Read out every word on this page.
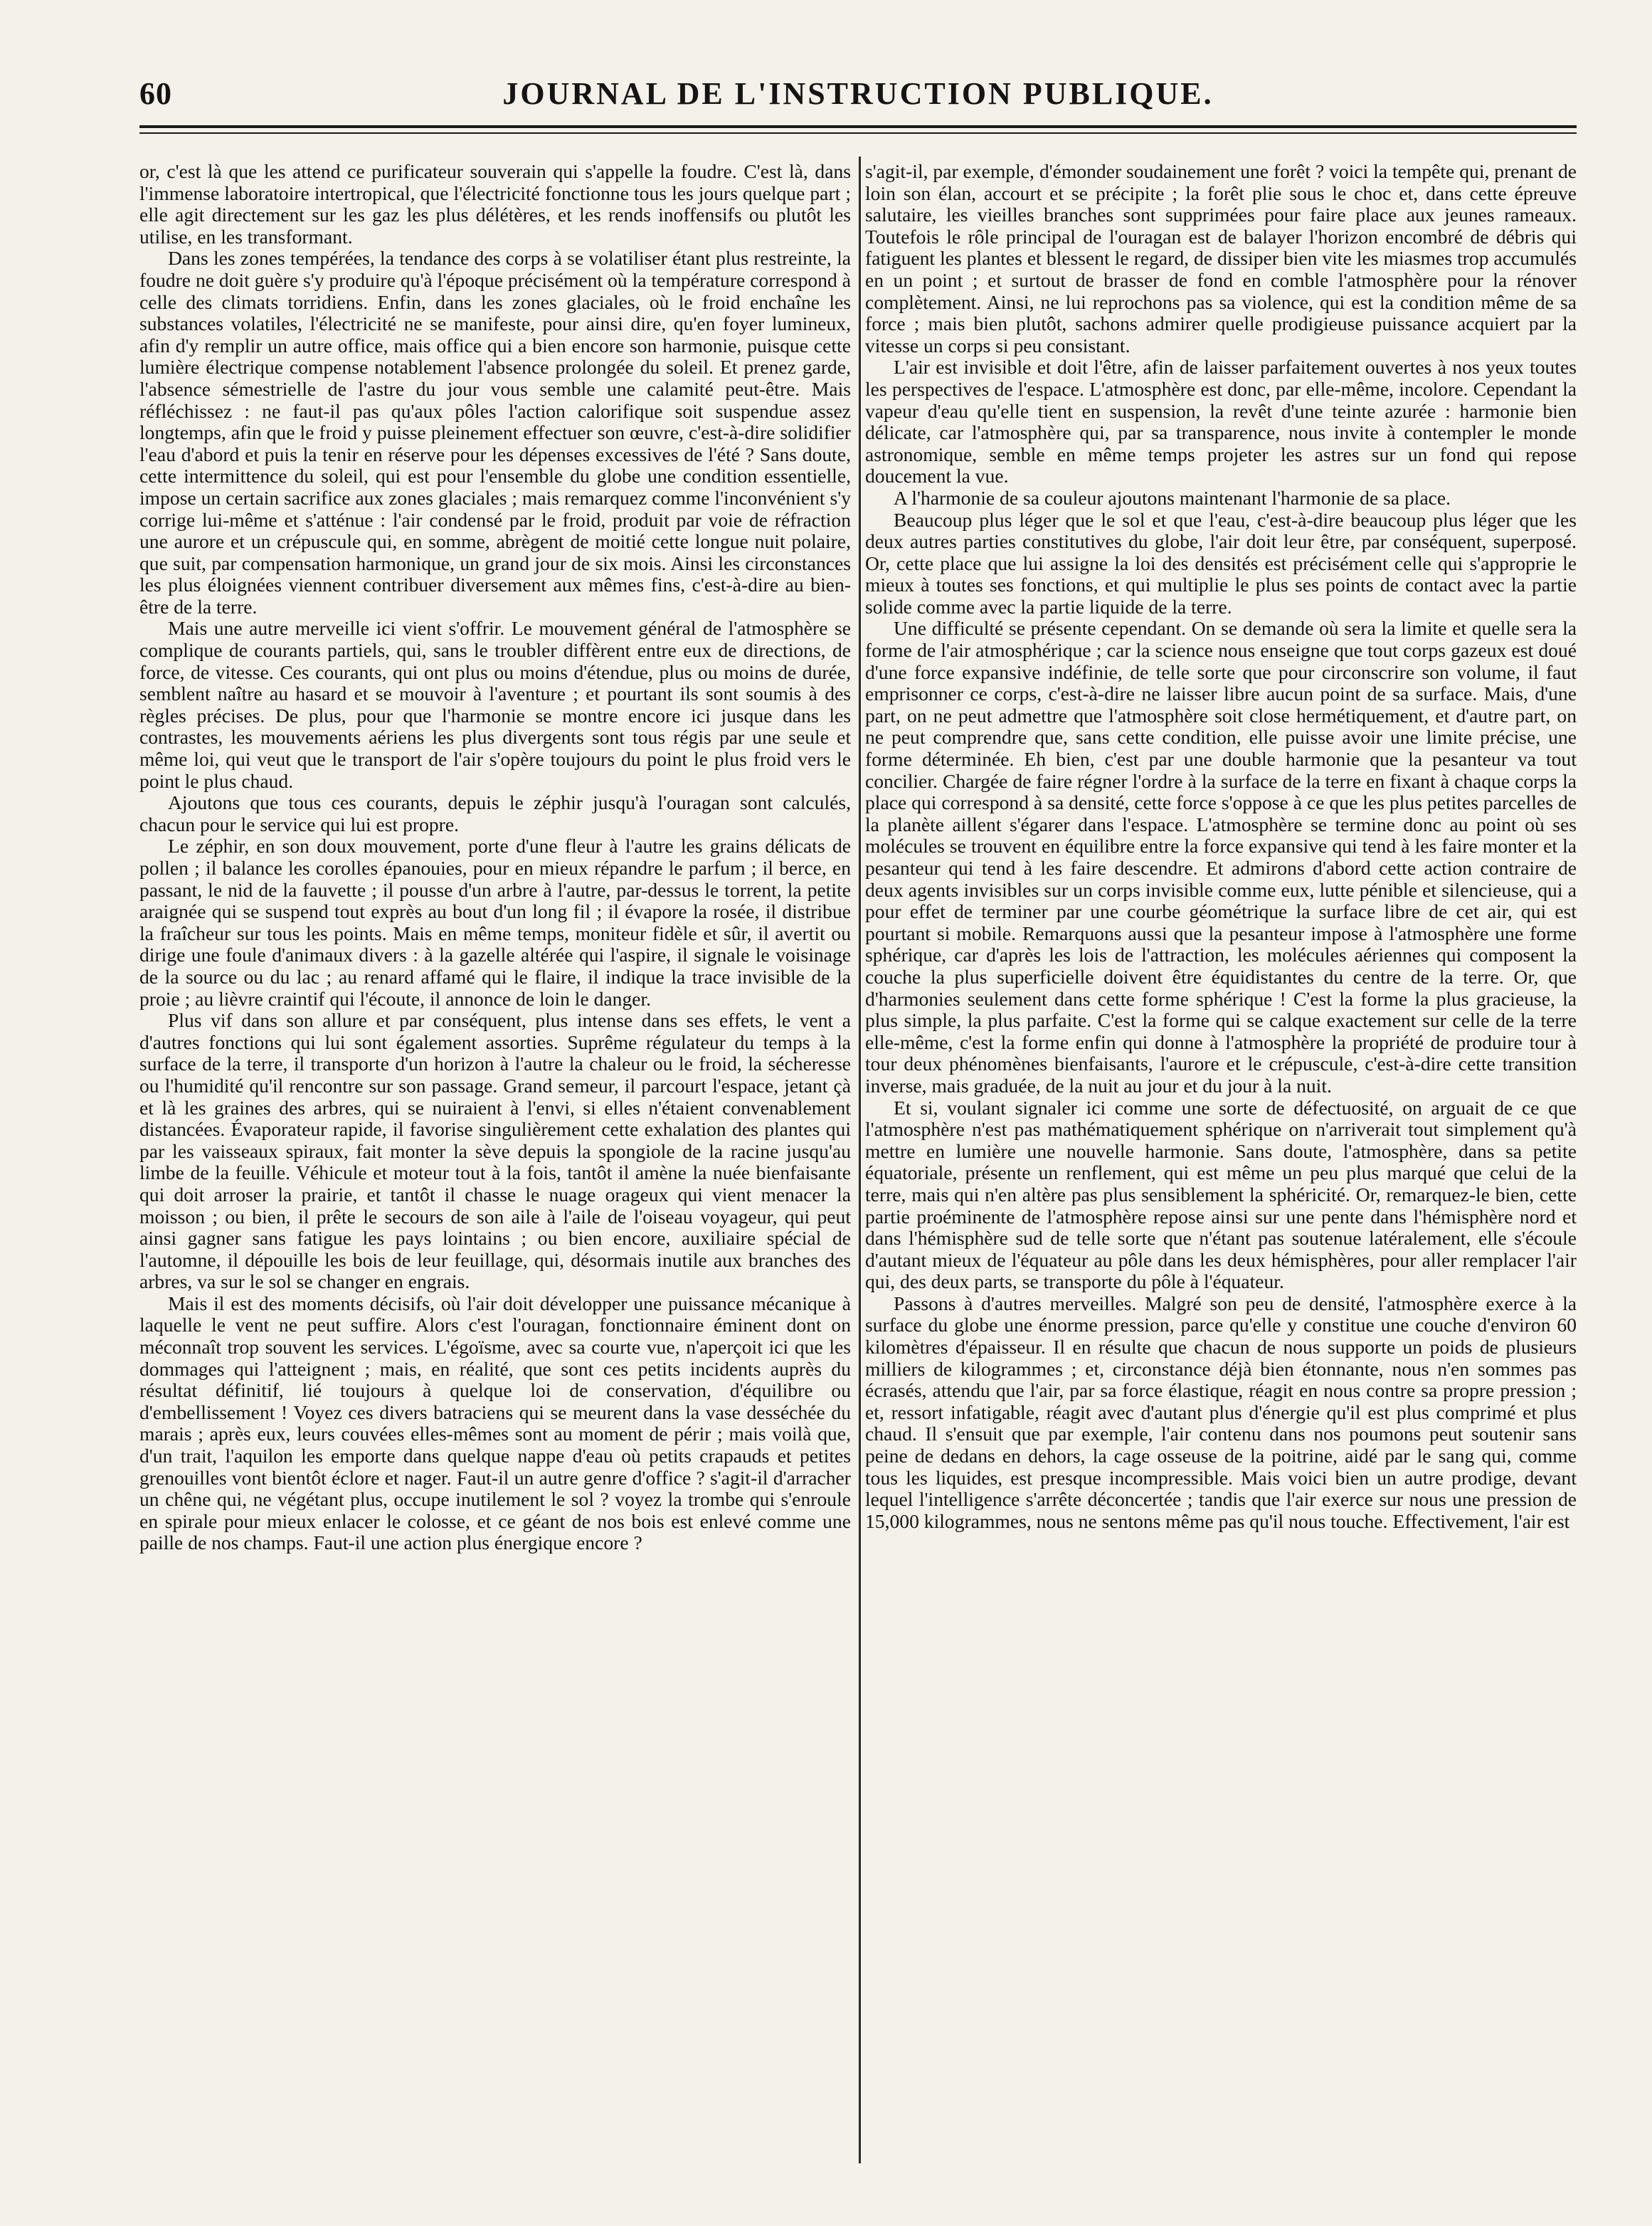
60	JOURNAL DE L'INSTRUCTION PUBLIQUE.

or, c'est là que les attend ce purificateur souverain qui s'appelle la foudre. C'est là, dans l'immense laboratoire intertropical, que l'électricité fonctionne tous les jours quelque part ; elle agit directement sur les gaz les plus délétères, et les rends inoffensifs ou plutôt les utilise, en les transformant.

Dans les zones tempérées, la tendance des corps à se volatiliser étant plus restreinte, la foudre ne doit guère s'y produire qu'à l'époque précisément où la température correspond à celle des climats torridiens. Enfin, dans les zones glaciales, où le froid enchaîne les substances volatiles, l'électricité ne se manifeste, pour ainsi dire, qu'en foyer lumineux, afin d'y remplir un autre office, mais office qui a bien encore son harmonie, puisque cette lumière électrique compense notablement l'absence prolongée du soleil. Et prenez garde, l'absence sémestrielle de l'astre du jour vous semble une calamité peut-être. Mais réfléchissez : ne faut-il pas qu'aux pôles l'action calorifique soit suspendue assez longtemps, afin que le froid y puisse pleinement effectuer son œuvre, c'est-à-dire solidifier l'eau d'abord et puis la tenir en réserve pour les dépenses excessives de l'été ? Sans doute, cette intermittence du soleil, qui est pour l'ensemble du globe une condition essentielle, impose un certain sacrifice aux zones glaciales ; mais remarquez comme l'inconvénient s'y corrige lui-même et s'atténue : l'air condensé par le froid, produit par voie de réfraction une aurore et un crépuscule qui, en somme, abrègent de moitié cette longue nuit polaire, que suit, par compensation harmonique, un grand jour de six mois. Ainsi les circonstances les plus éloignées viennent contribuer diversement aux mêmes fins, c'est-à-dire au bien-être de la terre.

Mais une autre merveille ici vient s'offrir. Le mouvement général de l'atmosphère se complique de courants partiels, qui, sans le troubler diffèrent entre eux de directions, de force, de vitesse. Ces courants, qui ont plus ou moins d'étendue, plus ou moins de durée, semblent naître au hasard et se mouvoir à l'aventure ; et pourtant ils sont soumis à des règles précises. De plus, pour que l'harmonie se montre encore ici jusque dans les contrastes, les mouvements aériens les plus divergents sont tous régis par une seule et même loi, qui veut que le transport de l'air s'opère toujours du point le plus froid vers le point le plus chaud.

Ajoutons que tous ces courants, depuis le zéphir jusqu'à l'ouragan sont calculés, chacun pour le service qui lui est propre.

Le zéphir, en son doux mouvement, porte d'une fleur à l'autre les grains délicats de pollen ; il balance les corolles épanouies, pour en mieux répandre le parfum ; il berce, en passant, le nid de la fauvette ; il pousse d'un arbre à l'autre, par-dessus le torrent, la petite araignée qui se suspend tout exprès au bout d'un long fil ; il évapore la rosée, il distribue la fraîcheur sur tous les points. Mais en même temps, moniteur fidèle et sûr, il avertit ou dirige une foule d'animaux divers : à la gazelle altérée qui l'aspire, il signale le voisinage de la source ou du lac ; au renard affamé qui le flaire, il indique la trace invisible de la proie ; au lièvre craintif qui l'écoute, il annonce de loin le danger.

Plus vif dans son allure et par conséquent, plus intense dans ses effets, le vent a d'autres fonctions qui lui sont également assorties. Suprême régulateur du temps à la surface de la terre, il transporte d'un horizon à l'autre la chaleur ou le froid, la sécheresse ou l'humidité qu'il rencontre sur son passage. Grand semeur, il parcourt l'espace, jetant çà et là les graines des arbres, qui se nuiraient à l'envi, si elles n'étaient convenablement distancées. Évaporateur rapide, il favorise singulièrement cette exhalation des plantes qui par les vaisseaux spiraux, fait monter la sève depuis la spongiole de la racine jusqu'au limbe de la feuille. Véhicule et moteur tout à la fois, tantôt il amène la nuée bienfaisante qui doit arroser la prairie, et tantôt il chasse le nuage orageux qui vient menacer la moisson ; ou bien, il prête le secours de son aile à l'aile de l'oiseau voyageur, qui peut ainsi gagner sans fatigue les pays lointains ; ou bien encore, auxiliaire spécial de l'automne, il dépouille les bois de leur feuillage, qui, désormais inutile aux branches des arbres, va sur le sol se changer en engrais.

Mais il est des moments décisifs, où l'air doit développer une puissance mécanique à laquelle le vent ne peut suffire. Alors c'est l'ouragan, fonctionnaire éminent dont on méconnaît trop souvent les services. L'égoïsme, avec sa courte vue, n'aperçoit ici que les dommages qui l'atteignent ; mais, en réalité, que sont ces petits incidents auprès du résultat définitif, lié toujours à quelque loi de conservation, d'équilibre ou d'embellissement ! Voyez ces divers batraciens qui se meurent dans la vase desséchée du marais ; après eux, leurs couvées elles-mêmes sont au moment de périr ; mais voilà que, d'un trait, l'aquilon les emporte dans quelque nappe d'eau où petits crapauds et petites grenouilles vont bientôt éclore et nager. Faut-il un autre genre d'office ? s'agit-il d'arracher un chêne qui, ne végétant plus, occupe inutilement le sol ? voyez la trombe qui s'enroule en spirale pour mieux enlacer le colosse, et ce géant de nos bois est enlevé comme une paille de nos champs. Faut-il une action plus énergique encore ?

s'agit-il, par exemple, d'émonder soudainement une forêt ? voici la tempête qui, prenant de loin son élan, accourt et se précipite ; la forêt plie sous le choc et, dans cette épreuve salutaire, les vieilles branches sont supprimées pour faire place aux jeunes rameaux. Toutefois le rôle principal de l'ouragan est de balayer l'horizon encombré de débris qui fatiguent les plantes et blessent le regard, de dissiper bien vite les miasmes trop accumulés en un point ; et surtout de brasser de fond en comble l'atmosphère pour la rénover complètement. Ainsi, ne lui reprochons pas sa violence, qui est la condition même de sa force ; mais bien plutôt, sachons admirer quelle prodigieuse puissance acquiert par la vitesse un corps si peu consistant.

L'air est invisible et doit l'être, afin de laisser parfaitement ouvertes à nos yeux toutes les perspectives de l'espace. L'atmosphère est donc, par elle-même, incolore. Cependant la vapeur d'eau qu'elle tient en suspension, la revêt d'une teinte azurée : harmonie bien délicate, car l'atmosphère qui, par sa transparence, nous invite à contempler le monde astronomique, semble en même temps projeter les astres sur un fond qui repose doucement la vue.

A l'harmonie de sa couleur ajoutons maintenant l'harmonie de sa place.

Beaucoup plus léger que le sol et que l'eau, c'est-à-dire beaucoup plus léger que les deux autres parties constitutives du globe, l'air doit leur être, par conséquent, superposé. Or, cette place que lui assigne la loi des densités est précisément celle qui s'approprie le mieux à toutes ses fonctions, et qui multiplie le plus ses points de contact avec la partie solide comme avec la partie liquide de la terre.

Une difficulté se présente cependant. On se demande où sera la limite et quelle sera la forme de l'air atmosphérique ; car la science nous enseigne que tout corps gazeux est doué d'une force expansive indéfinie, de telle sorte que pour circonscrire son volume, il faut emprisonner ce corps, c'est-à-dire ne laisser libre aucun point de sa surface. Mais, d'une part, on ne peut admettre que l'atmosphère soit close hermétiquement, et d'autre part, on ne peut comprendre que, sans cette condition, elle puisse avoir une limite précise, une forme déterminée. Eh bien, c'est par une double harmonie que la pesanteur va tout concilier. Chargée de faire régner l'ordre à la surface de la terre en fixant à chaque corps la place qui correspond à sa densité, cette force s'oppose à ce que les plus petites parcelles de la planète aillent s'égarer dans l'espace. L'atmosphère se termine donc au point où ses molécules se trouvent en équilibre entre la force expansive qui tend à les faire monter et la pesanteur qui tend à les faire descendre. Et admirons d'abord cette action contraire de deux agents invisibles sur un corps invisible comme eux, lutte pénible et silencieuse, qui a pour effet de terminer par une courbe géométrique la surface libre de cet air, qui est pourtant si mobile. Remarquons aussi que la pesanteur impose à l'atmosphère une forme sphérique, car d'après les lois de l'attraction, les molécules aériennes qui composent la couche la plus superficielle doivent être équidistantes du centre de la terre. Or, que d'harmonies seulement dans cette forme sphérique ! C'est la forme la plus gracieuse, la plus simple, la plus parfaite. C'est la forme qui se calque exactement sur celle de la terre elle-même, c'est la forme enfin qui donne à l'atmosphère la propriété de produire tour à tour deux phénomènes bienfaisants, l'aurore et le crépuscule, c'est-à-dire cette transition inverse, mais graduée, de la nuit au jour et du jour à la nuit.

Et si, voulant signaler ici comme une sorte de défectuosité, on arguait de ce que l'atmosphère n'est pas mathématiquement sphérique on n'arriverait tout simplement qu'à mettre en lumière une nouvelle harmonie. Sans doute, l'atmosphère, dans sa petite équatoriale, présente un renflement, qui est même un peu plus marqué que celui de la terre, mais qui n'en altère pas plus sensiblement la sphéricité. Or, remarquez-le bien, cette partie proéminente de l'atmosphère repose ainsi sur une pente dans l'hémisphère nord et dans l'hémisphère sud de telle sorte que n'étant pas soutenue latéralement, elle s'écoule d'autant mieux de l'équateur au pôle dans les deux hémisphères, pour aller remplacer l'air qui, des deux parts, se transporte du pôle à l'équateur.

Passons à d'autres merveilles. Malgré son peu de densité, l'atmosphère exerce à la surface du globe une énorme pression, parce qu'elle y constitue une couche d'environ 60 kilomètres d'épaisseur. Il en résulte que chacun de nous supporte un poids de plusieurs milliers de kilogrammes ; et, circonstance déjà bien étonnante, nous n'en sommes pas écrasés, attendu que l'air, par sa force élastique, réagit en nous contre sa propre pression ; et, ressort infatigable, réagit avec d'autant plus d'énergie qu'il est plus comprimé et plus chaud. Il s'ensuit que par exemple, l'air contenu dans nos poumons peut soutenir sans peine de dedans en dehors, la cage osseuse de la poitrine, aidé par le sang qui, comme tous les liquides, est presque incompressible. Mais voici bien un autre prodige, devant lequel l'intelligence s'arrête déconcertée ; tandis que l'air exerce sur nous une pression de 15,000 kilogrammes, nous ne sentons même pas qu'il nous touche. Effectivement, l'air est
